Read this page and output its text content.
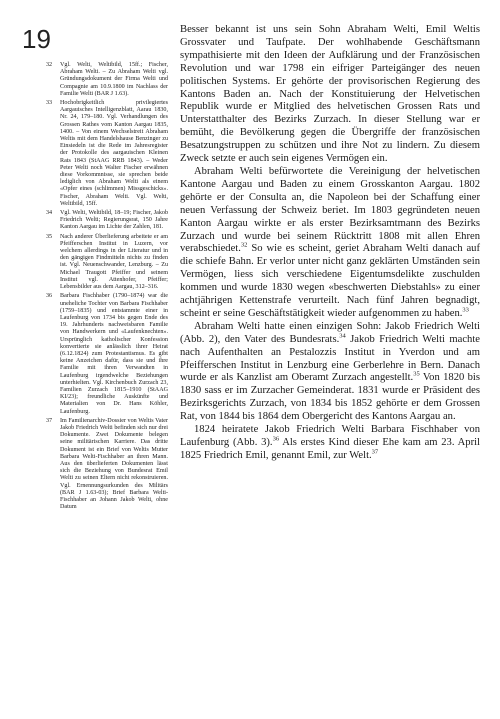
19
32	Vgl. Welti, Weltibild, 15ff.; Fischer, Abraham Welti. – Zu Abraham Welti vgl. Gründungsdokument der Firma Welti und Compagnie am 10.9.1800 im Nachlass der Familie Welti (BAR J 1.63).
33	Hochobrigkeitlich privilegiertes Aargauisches Intelligenzblatt, Aarau 1830, Nr. 24, 179–180. Vgl. Verhandlungen des Grossen Rathes vom Kanton Aargau 1835, 1400. – Von einem Wechselstreit Abraham Weltis mit dem Handelshause Benzinger zu Einsiedeln ist die Rede im Jahresregister der Protokolle des aargauischen Kleinen Rats 1843 (StAAG RRB 1843). – Weder Peter Welti noch Walter Fischer erwähnen diese Vorkommnisse, sie sprechen beide lediglich von Abraham Welti als einem «Opfer eines (schlimmen) Missgeschicks». Fischer, Abraham Welti. Vgl. Welti, Weltibild, 15ff.
34	Vgl. Welti, Weltibild, 18–19; Fischer, Jakob Friedrich Welti; Regierungsrat, 150 Jahre Kanton Aargau im Lichte der Zahlen, 181.
35	Nach anderer Überlieferung arbeitete er am Pfeifferschen Institut in Luzern, vor welchem allerdings in der Literatur und in den gängigen Findmitteln nichts zu finden ist. Vgl. Neuenschwander, Lenzburg. – Zu Michael Traugott Pfeiffer und seinem Institut vgl. Attenhofer, Pfeiffer; Lebensbilder aus dem Aargau, 312–316.
36	Barbara Fischhaber (1790–1874) war die uneheliche Tochter von Barbara Fischhaber (1759–1835) und entstammte einer in Laufenburg von 1734 bis gegen Ende des 19. Jahrhunderts nachweisbaren Familie von Handwerkern und «Laufenknechten». Ursprünglich katholischer Konfession konvertierte sie anlässlich ihrer Heirat (6.12.1824) zum Protestantismus. Es gibt keine Anzeichen dafür, dass sie und ihre Familie mit ihren Verwandten in Laufenburg irgendwelche Beziehungen unterhielten. Vgl. Kirchenbuch Zurzach 23, Familien Zurzach 1815–1910 (StAAG KI/23); freundliche Auskünfte und Materialien von Dr. Hans Köhler, Laufenburg.
37	Im Familienarchiv-Dossier von Weltis Vater Jakob Friedrich Welti befinden sich nur drei Dokumente. Zwei Dokumente belegen seine militärischen Karriere. Das dritte Dokument ist ein Brief von Weltis Mutter Barbara Welti-Fischhaber an ihren Mann. Aus den überlieferten Dokumenten lässt sich die Beziehung von Bundesrat Emil Welti zu seinen Eltern nicht rekonstruieren. Vgl. Ernennungsurkunden des Militärs (BAR J 1.63-03); Brief Barbara Welti-Fischhaber an Johann Jakob Welti, ohne Datum

Besser bekannt ist uns sein Sohn Abraham Welti, Emil Weltis Grossvater und Taufpate. Der wohlhabende Geschäftsmann sympathisierte mit den Ideen der Aufklärung und der Französischen Revolution und war 1798 ein eifriger Parteigänger des neuen politischen Systems. Er gehörte der provisorischen Regierung des Kantons Baden an. Nach der Konstituierung der Helvetischen Republik wurde er Mitglied des helvetischen Grossen Rats und Unterstatthalter des Bezirks Zurzach. In dieser Stellung war er bemüht, die Bevölkerung gegen die Übergriffe der französischen Besatzungstruppen zu schützen und ihre Not zu lindern. Zu diesem Zweck setzte er auch sein eigenes Vermögen ein.

Abraham Welti befürwortete die Vereinigung der helvetischen Kantone Aargau und Baden zu einem Grosskanton Aargau. 1802 gehörte er der Consulta an, die Napoleon bei der Schaffung einer neuen Verfassung der Schweiz beriet. Im 1803 gegründeten neuen Kanton Aargau wirkte er als erster Bezirksamtmann des Bezirks Zurzach und wurde bei seinem Rücktritt 1808 mit allen Ehren verabschiedet.$^{32}$ So wie es scheint, geriet Abraham Welti danach auf die schiefe Bahn. Er verlor unter nicht ganz geklärten Umständen sein Vermögen, liess sich verschiedene Eigentumsdelikte zuschulden kommen und wurde 1830 wegen «beschwerten Diebstahls» zu einer achtjährigen Kettenstrafe verurteilt. Nach fünf Jahren begnadigt, scheint er seine Geschäftstätigkeit wieder aufgenommen zu haben.$^{33}$

Abraham Welti hatte einen einzigen Sohn: Jakob Friedrich Welti (Abb. 2), den Vater des Bundesrats.$^{34}$ Jakob Friedrich Welti machte nach Aufenthalten an Pestalozzis Institut in Yverdon und am Pfeifferschen Institut in Lenzburg eine Gerberlehre in Bern. Danach wurde er als Kanzlist am Oberamt Zurzach angestellt.$^{35}$ Von 1820 bis 1830 sass er im Zurzacher Gemeinderat. 1831 wurde er Präsident des Bezirksgerichts Zurzach, von 1834 bis 1852 gehörte er dem Grossen Rat, von 1844 bis 1864 dem Obergericht des Kantons Aargau an.

1824 heiratete Jakob Friedrich Welti Barbara Fischhaber von Laufenburg (Abb. 3).$^{36}$ Als erstes Kind dieser Ehe kam am 23. April 1825 Friedrich Emil, genannt Emil, zur Welt.$^{37}$
